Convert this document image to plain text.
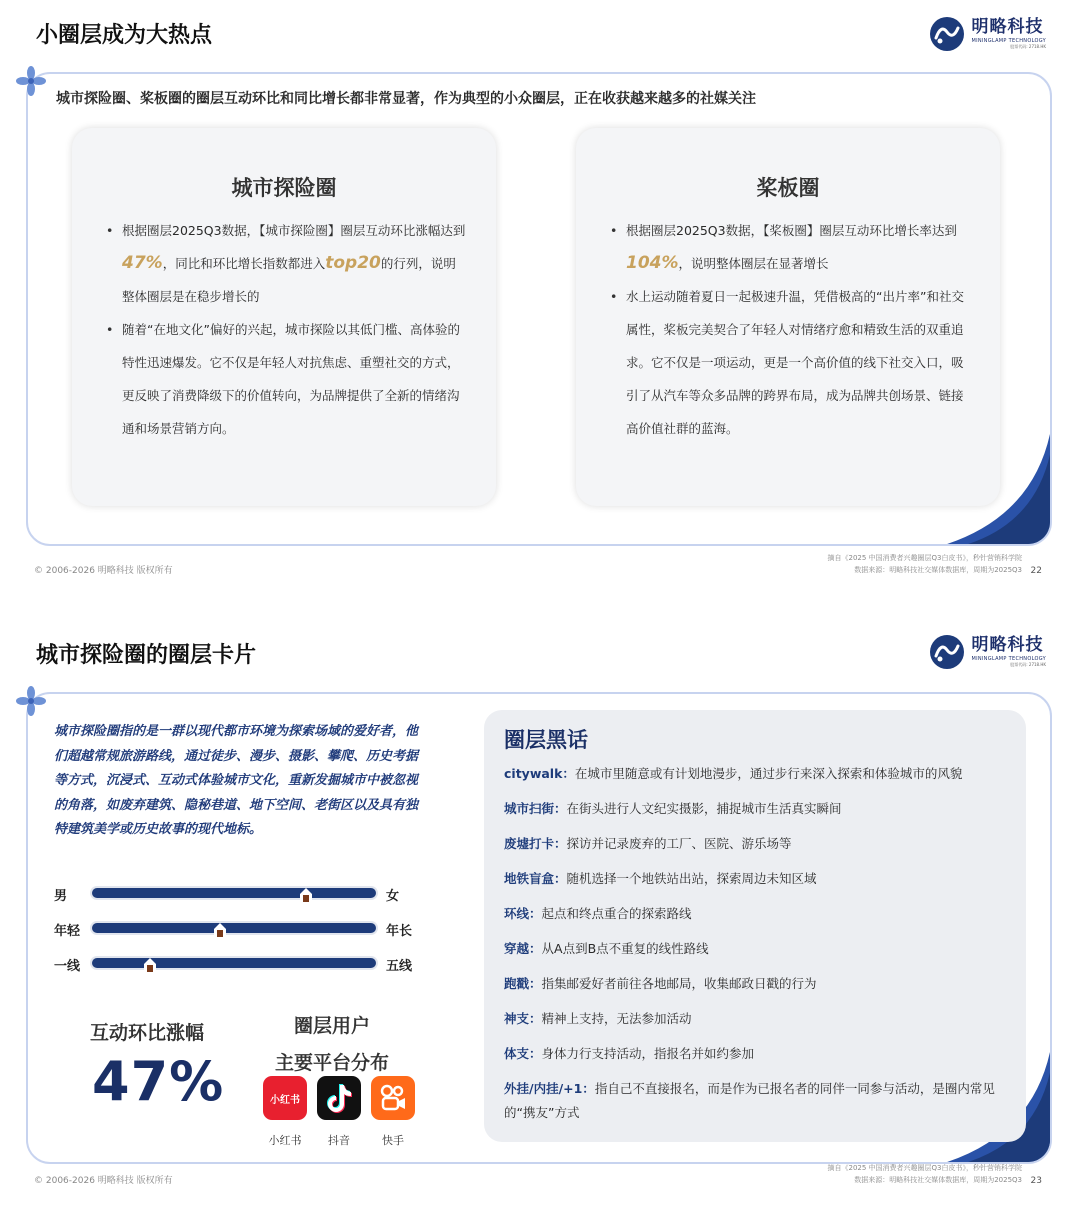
小圈层成为大热点	明略科技
MININGLAMP TECHNOLOGY
股票代码: 2718.HK
城市探险圈、桨板圈的圈层互动环比和同比增长都非常显著，作为典型的小众圈层，正在收获越来越多的社媒关注
城市探险圈
• 根据圈层2025Q3数据，【城市探险圈】圈层互动环比涨幅达到47%，同比和环比增长指数都进入top20的行列，说明整体圈层是在稳步增长的
• 随着“在地文化”偏好的兴起，城市探险以其低门槛、高体验的特性迅速爆发。它不仅是年轻人对抗焦虑、重塑社交的方式，更反映了消费降级下的价值转向，为品牌提供了全新的情绪沟通和场景营销方向。
桨板圈
• 根据圈层2025Q3数据，【桨板圈】圈层互动环比增长率达到104%，说明整体圈层在显著增长
• 水上运动随着夏日一起极速升温，凭借极高的“出片率”和社交属性，桨板完美契合了年轻人对情绪疗愈和精致生活的双重追求。它不仅是一项运动，更是一个高价值的线下社交入口，吸引了从汽车等众多品牌的跨界布局，成为品牌共创场景、链接高价值社群的蓝海。
© 2006-2026 明略科技 版权所有
摘自《2025 中国消费者兴趣圈层Q3白皮书》，秒针营销科学院
数据来源：明略科技社交媒体数据库，周期为2025Q3 22
城市探险圈的圈层卡片	明略科技
MININGLAMP TECHNOLOGY
股票代码: 2718.HK
城市探险圈指的是一群以现代都市环境为探索场域的爱好者，他们超越常规旅游路线，通过徒步、漫步、摄影、攀爬、历史考据等方式，沉浸式、互动式体验城市文化，重新发掘城市中被忽视的角落，如废弃建筑、隐秘巷道、地下空间、老街区以及具有独特建筑美学或历史故事的现代地标。
男	女
年轻	年长
一线	五线
互动环比涨幅
47%
圈层用户
主要平台分布
小红书
小红书 抖音	快手
圈层黑话
citywalk：在城市里随意或有计划地漫步，通过步行来深入探索和体验城市的风貌
城市扫街：在街头进行人文纪实摄影，捕捉城市生活真实瞬间
废墟打卡：探访并记录废弃的工厂、医院、游乐场等
地铁盲盒：随机选择一个地铁站出站，探索周边未知区域
环线：起点和终点重合的探索路线
穿越：从A点到B点不重复的线性路线
跑戳：指集邮爱好者前往各地邮局，收集邮政日戳的行为
神支：精神上支持，无法参加活动
体支：身体力行支持活动，指报名并如约参加
外挂/内挂/+1：指自己不直接报名，而是作为已报名者的同伴一同参与活动，是圈内常见的“携友”方式
© 2006-2026 明略科技 版权所有
摘自《2025 中国消费者兴趣圈层Q3白皮书》，秒针营销科学院
数据来源：明略科技社交媒体数据库，周期为2025Q3 23
